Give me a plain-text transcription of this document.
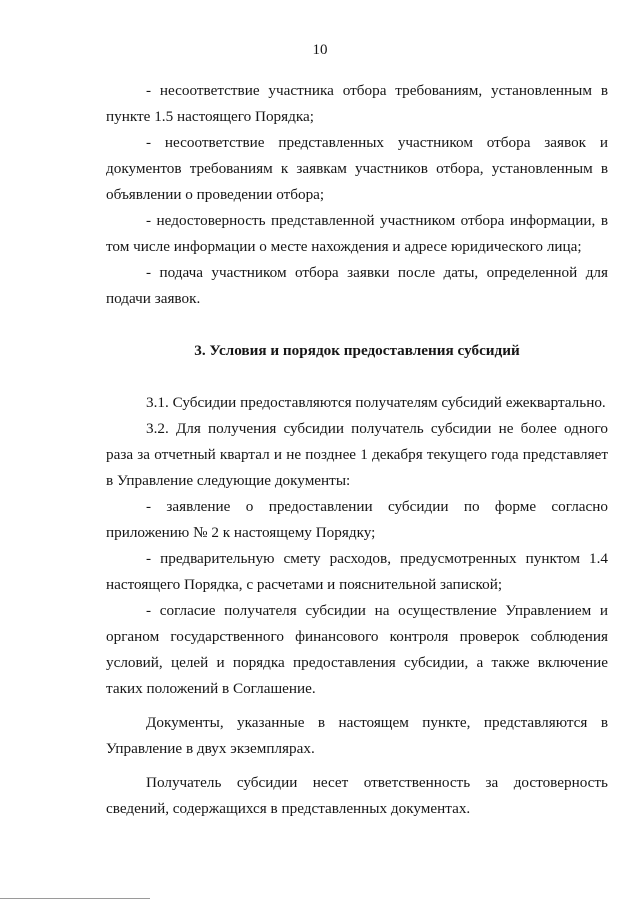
10

- несоответствие участника отбора требованиям, установленным в пункте 1.5 настоящего Порядка;

- несоответствие представленных участником отбора заявок и документов требованиям к заявкам участников отбора, установленным в объявлении о проведении отбора;

- недостоверность представленной участником отбора информации, в том числе информации о месте нахождения и адресе юридического лица;

- подача участником отбора заявки после даты, определенной для подачи заявок.

3. Условия и порядок предоставления субсидий

3.1. Субсидии предоставляются получателям субсидий ежеквартально.

3.2. Для получения субсидии получатель субсидии не более одного раза за отчетный квартал и не позднее 1 декабря текущего года представляет в Управление следующие документы:

- заявление о предоставлении субсидии по форме согласно приложению № 2 к настоящему Порядку;

- предварительную смету расходов, предусмотренных пунктом 1.4 настоящего Порядка, с расчетами и пояснительной запиской;

- согласие получателя субсидии на осуществление Управлением и органом государственного финансового контроля проверок соблюдения условий, целей и порядка предоставления субсидии, а также включение таких положений в Соглашение.

Документы, указанные в настоящем пункте, представляются в Управление в двух экземплярах.

Получатель субсидии несет ответственность за достоверность сведений, содержащихся в представленных документах.
